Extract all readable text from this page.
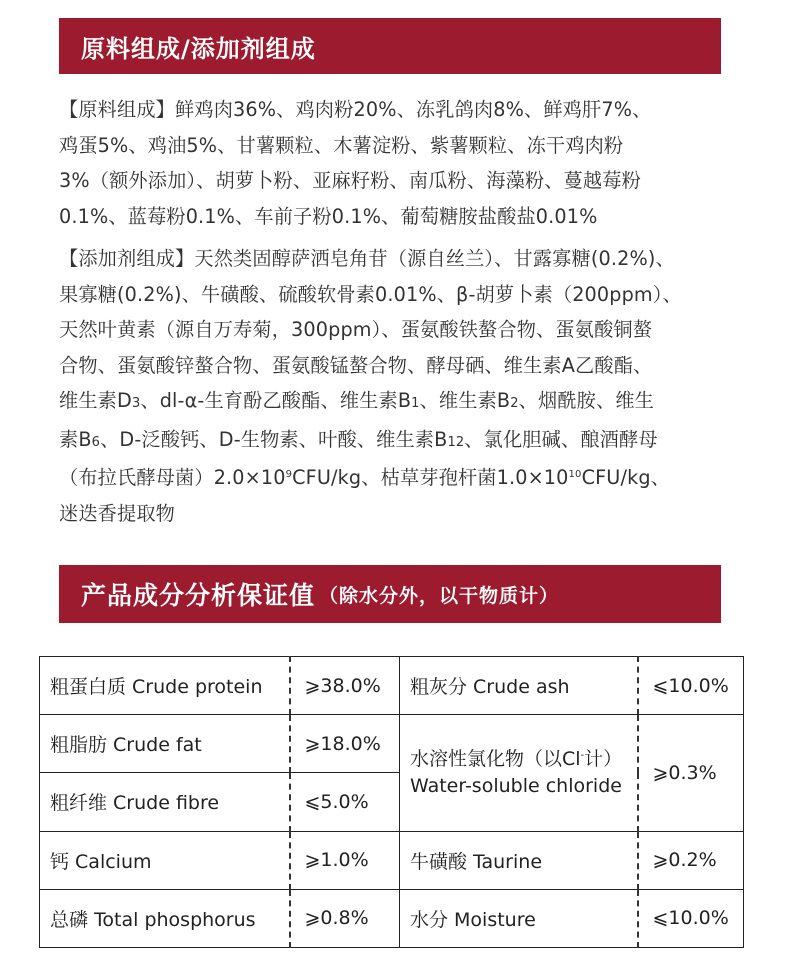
原料组成/添加剂组成
【原料组成】鲜鸡肉36%、鸡肉粉20%、冻乳鸽肉8%、鲜鸡肝7%、
鸡蛋5%、鸡油5%、甘薯颗粒、木薯淀粉、紫薯颗粒、冻干鸡肉粉
3%（额外添加）、胡萝卜粉、亚麻籽粉、南瓜粉、海藻粉、蔓越莓粉
0.1%、蓝莓粉0.1%、车前子粉0.1%、葡萄糖胺盐酸盐0.01%
【添加剂组成】天然类固醇萨洒皂角苷（源自丝兰）、甘露寡糖(0.2%)、
果寡糖(0.2%)、牛磺酸、硫酸软骨素0.01%、β-胡萝卜素（200ppm）、
天然叶黄素（源自万寿菊，300ppm）、蛋氨酸铁螯合物、蛋氨酸铜螯
合物、蛋氨酸锌螯合物、蛋氨酸锰螯合物、酵母硒、维生素A乙酸酯、
维生素D3、dl-α-生育酚乙酸酯、维生素B1、维生素B2、烟酰胺、维生
素B6、D-泛酸钙、D-生物素、叶酸、维生素B12、氯化胆碱、酿酒酵母
（布拉氏酵母菌）$2.0\times 10^9CFU/kg$、枯草芽孢杆菌$1.0\times 10^{10}CFU/kg$、
迷迭香提取物
产品成分分析保证值 （除水分外，以干物质计）
粗蛋白质 Crude protein	⩾38.0%	粗灰分 Crude ash	⩽10.0%
粗脂肪 Crude fat	⩾18.0%	水溶性氯化物（以Cl-计）
Water-soluble chloride	⩾0.3%
粗纤维 Crude fibre	⩽5.0%		
钙 Calcium	⩾1.0%	牛磺酸 Taurine	⩾0.2%
总磷 Total phosphorus	⩾0.8%	水分 Moisture	⩽10.0%
